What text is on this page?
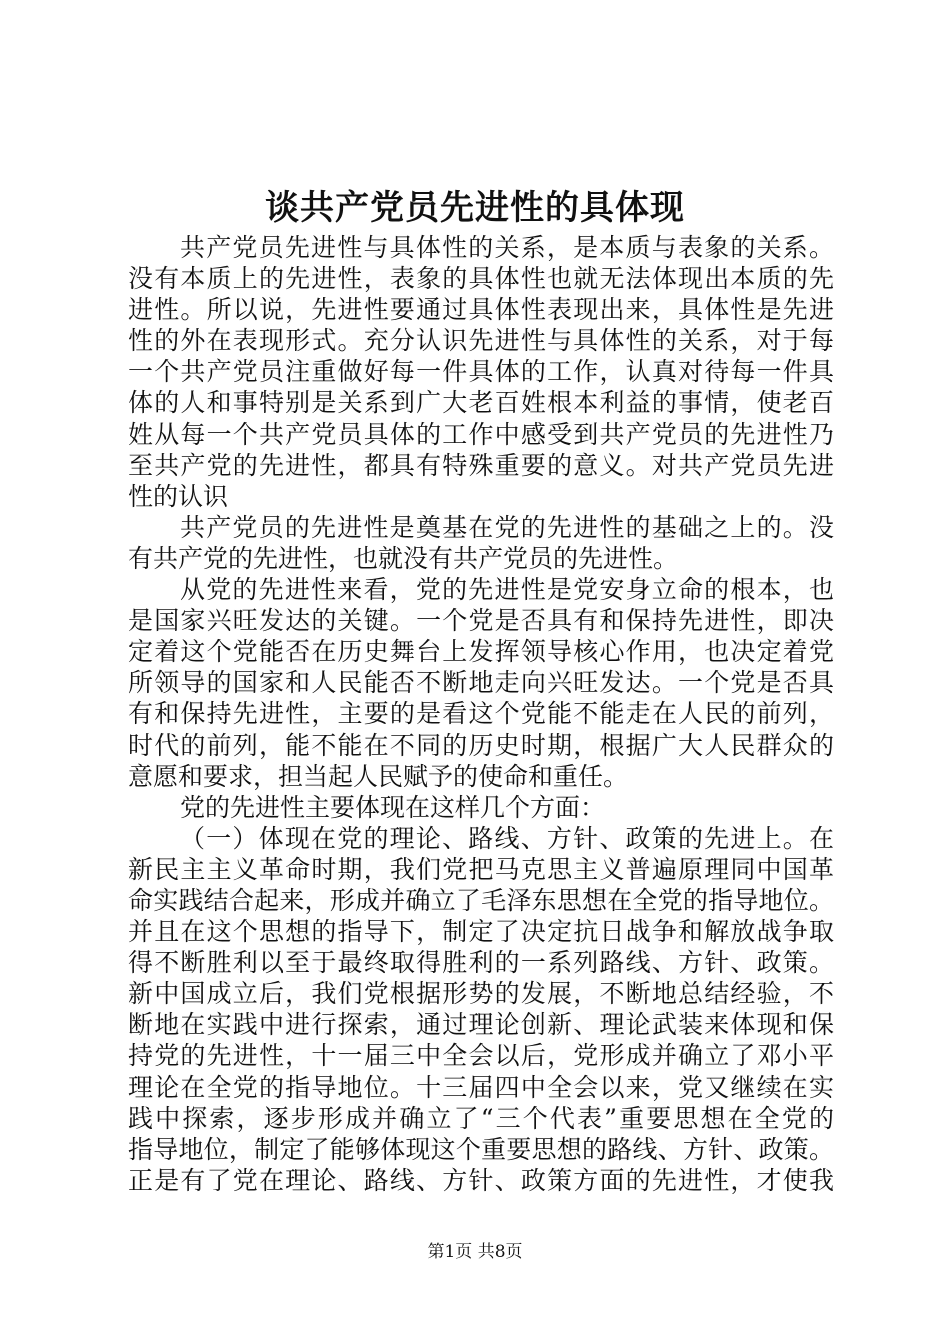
谈共产党员先进性的具体现
共产党员先进性与具体性的关系，是本质与表象的关系。
没有本质上的先进性，表象的具体性也就无法体现出本质的先
进性。所以说，先进性要通过具体性表现出来，具体性是先进
性的外在表现形式。充分认识先进性与具体性的关系，对于每
一个共产党员注重做好每一件具体的工作，认真对待每一件具
体的人和事特别是关系到广大老百姓根本利益的事情，使老百
姓从每一个共产党员具体的工作中感受到共产党员的先进性乃
至共产党的先进性，都具有特殊重要的意义。对共产党员先进
性的认识
共产党员的先进性是奠基在党的先进性的基础之上的。没
有共产党的先进性，也就没有共产党员的先进性。
从党的先进性来看，党的先进性是党安身立命的根本，也
是国家兴旺发达的关键。一个党是否具有和保持先进性，即决
定着这个党能否在历史舞台上发挥领导核心作用，也决定着党
所领导的国家和人民能否不断地走向兴旺发达。一个党是否具
有和保持先进性，主要的是看这个党能不能走在人民的前列，
时代的前列，能不能在不同的历史时期，根据广大人民群众的
意愿和要求，担当起人民赋予的使命和重任。
党的先进性主要体现在这样几个方面：
（一）体现在党的理论、路线、方针、政策的先进上。在
新民主主义革命时期，我们党把马克思主义普遍原理同中国革
命实践结合起来，形成并确立了毛泽东思想在全党的指导地位。
并且在这个思想的指导下，制定了决定抗日战争和解放战争取
得不断胜利以至于最终取得胜利的一系列路线、方针、政策。
新中国成立后，我们党根据形势的发展，不断地总结经验，不
断地在实践中进行探索，通过理论创新、理论武装来体现和保
持党的先进性，十一届三中全会以后，党形成并确立了邓小平
理论在全党的指导地位。十三届四中全会以来，党又继续在实
践中探索，逐步形成并确立了“三个代表”重要思想在全党的
指导地位，制定了能够体现这个重要思想的路线、方针、政策。
正是有了党在理论、路线、方针、政策方面的先进性，才使我
第1页 共8页
